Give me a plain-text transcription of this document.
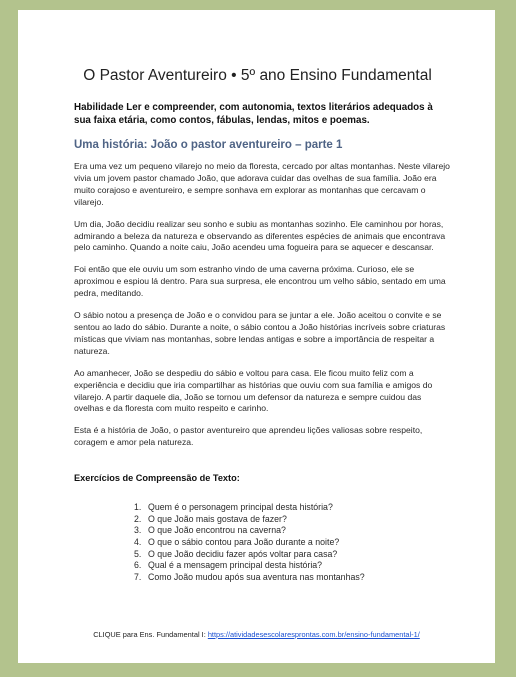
O Pastor Aventureiro • 5º ano Ensino Fundamental

Habilidade Ler e compreender, com autonomia, textos literários adequados à sua faixa etária, como contos, fábulas, lendas, mitos e poemas.

Uma história: João o pastor aventureiro – parte 1

Era uma vez um pequeno vilarejo no meio da floresta, cercado por altas montanhas. Neste vilarejo vivia um jovem pastor chamado João, que adorava cuidar das ovelhas de sua família. João era muito corajoso e aventureiro, e sempre sonhava em explorar as montanhas que cercavam o vilarejo.

Um dia, João decidiu realizar seu sonho e subiu as montanhas sozinho. Ele caminhou por horas, admirando a beleza da natureza e observando as diferentes espécies de animais que encontrava pelo caminho. Quando a noite caiu, João acendeu uma fogueira para se aquecer e descansar.

Foi então que ele ouviu um som estranho vindo de uma caverna próxima. Curioso, ele se aproximou e espiou lá dentro. Para sua surpresa, ele encontrou um velho sábio, sentado em uma pedra, meditando.

O sábio notou a presença de João e o convidou para se juntar a ele. João aceitou o convite e se sentou ao lado do sábio. Durante a noite, o sábio contou a João histórias incríveis sobre criaturas místicas que viviam nas montanhas, sobre lendas antigas e sobre a importância de respeitar a natureza.

Ao amanhecer, João se despediu do sábio e voltou para casa. Ele ficou muito feliz com a experiência e decidiu que iria compartilhar as histórias que ouviu com sua família e amigos do vilarejo. A partir daquele dia, João se tornou um defensor da natureza e sempre cuidou das ovelhas e da floresta com muito respeito e carinho.

Esta é a história de João, o pastor aventureiro que aprendeu lições valiosas sobre respeito, coragem e amor pela natureza.

Exercícios de Compreensão de Texto:
1. Quem é o personagem principal desta história?
2. O que João mais gostava de fazer?
3. O que João encontrou na caverna?
4. O que o sábio contou para João durante a noite?
5. O que João decidiu fazer após voltar para casa?
6. Qual é a mensagem principal desta história?
7. Como João mudou após sua aventura nas montanhas?
CLIQUE para Ens. Fundamental I: https://atividadesescolaresprontas.com.br/ensino-fundamental-1/
